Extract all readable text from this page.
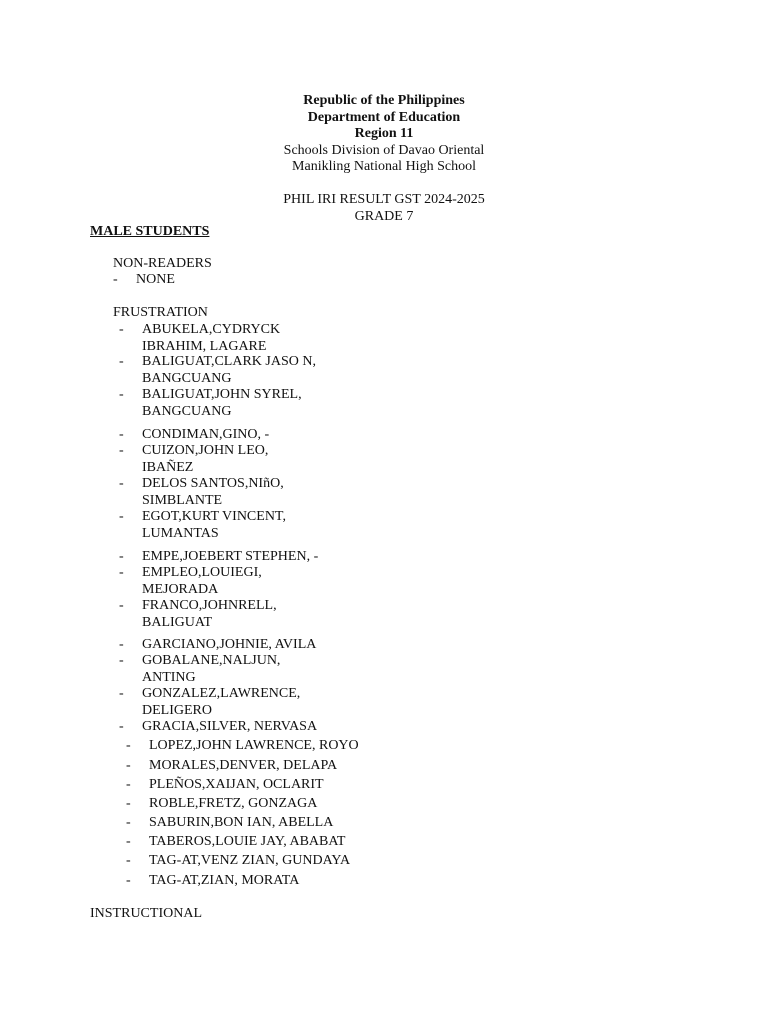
Republic of the Philippines
Department of Education
Region 11
Schools Division of Davao Oriental
Manikling National High School
PHIL IRI RESULT GST 2024-2025
GRADE 7
MALE STUDENTS
NON-READERS
- NONE
FRUSTRATION
- ABUKELA,CYDRYCK
IBRAHIM, LAGARE
- BALIGUAT,CLARK JASO N,
BANGCUANG
- BALIGUAT,JOHN SYREL,
BANGCUANG
- CONDIMAN,GINO, -
- CUIZON,JOHN LEO,
IBAÑEZ
- DELOS SANTOS,NIñO,
SIMBLANTE
- EGOT,KURT VINCENT,
LUMANTAS
- EMPE,JOEBERT STEPHEN, -
- EMPLEO,LOUIEGI,
MEJORADA
- FRANCO,JOHNRELL,
BALIGUAT
- GARCIANO,JOHNIE, AVILA
- GOBALANE,NALJUN,
ANTING
- GONZALEZ,LAWRENCE,
DELIGERO
- GRACIA,SILVER, NERVASA
- LOPEZ,JOHN LAWRENCE, ROYO
- MORALES,DENVER, DELAPA
- PLEÑOS,XAIJAN, OCLARIT
- ROBLE,FRETZ, GONZAGA
- SABURIN,BON IAN, ABELLA
- TABEROS,LOUIE JAY, ABABAT
- TAG-AT,VENZ ZIAN, GUNDAYA
- TAG-AT,ZIAN, MORATA
INSTRUCTIONAL
